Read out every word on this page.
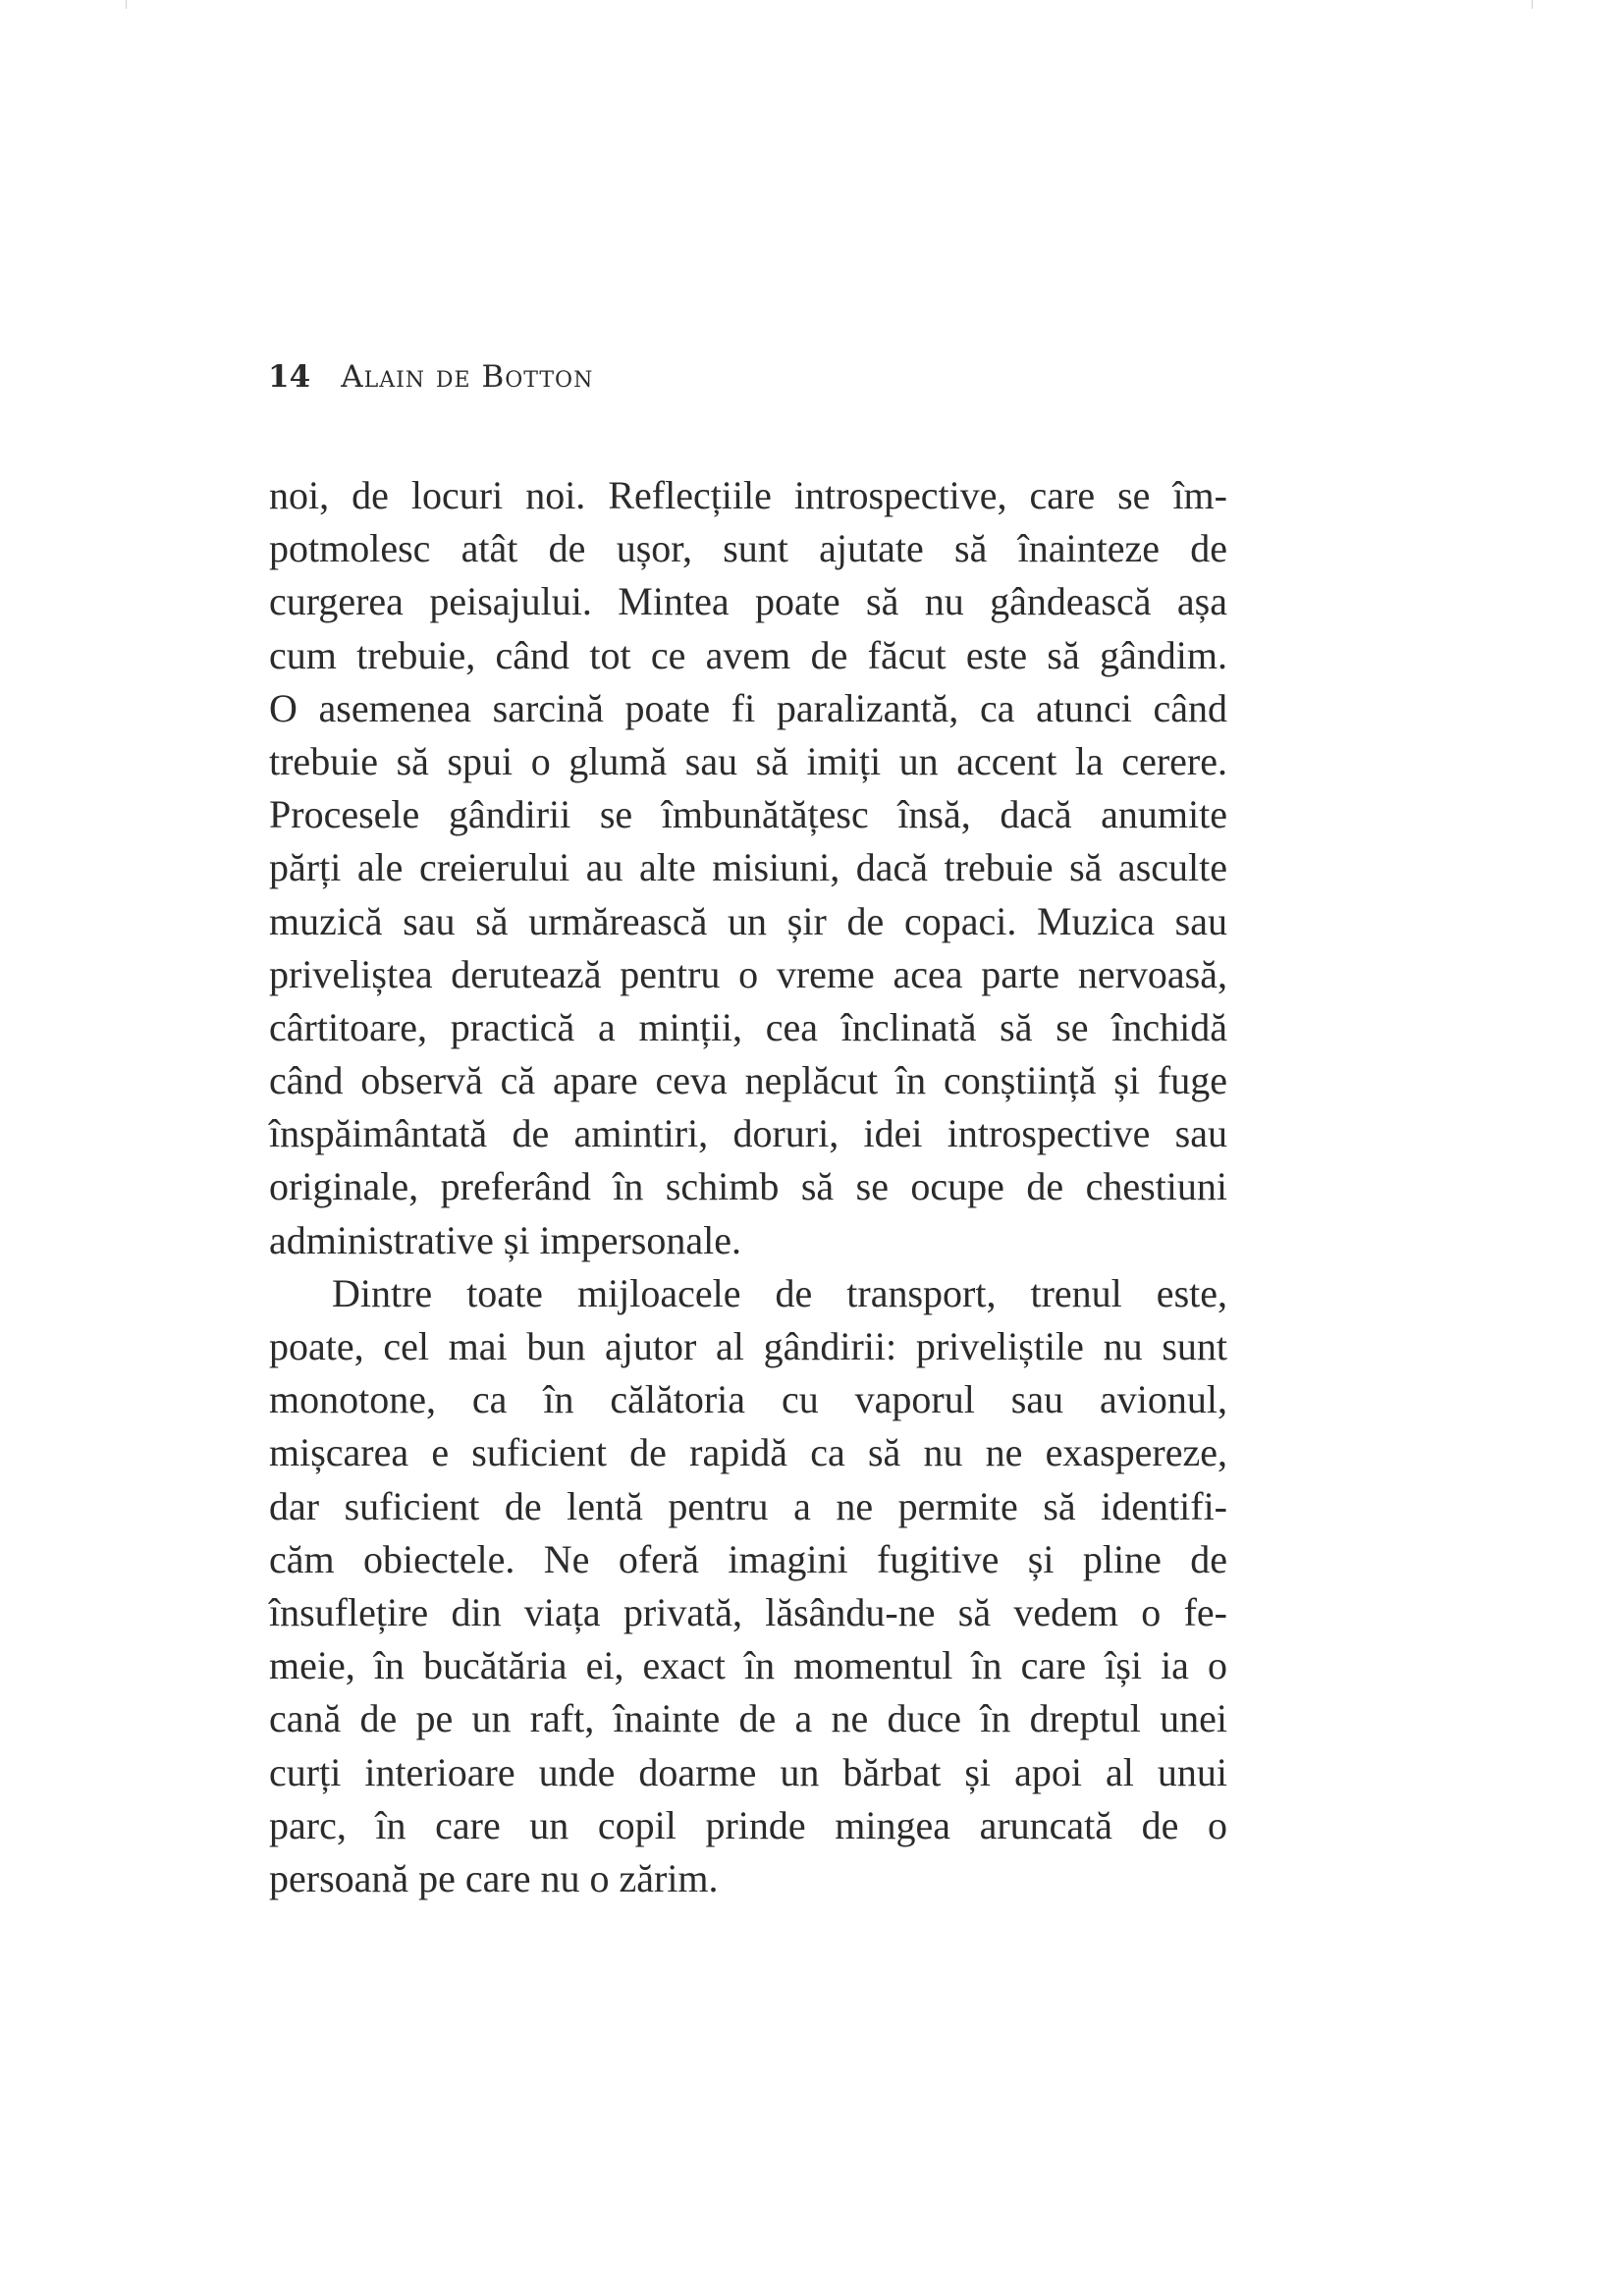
14 Alain de Botton
noi, de locuri noi. Reflecțiile introspective, care se îm-
potmolesc atât de ușor, sunt ajutate să înainteze de
curgerea peisajului. Mintea poate să nu gândească așa
cum trebuie, când tot ce avem de făcut este să gândim.
O asemenea sarcină poate fi paralizantă, ca atunci când
trebuie să spui o glumă sau să imiți un accent la cerere.
Procesele gândirii se îmbunătățesc însă, dacă anumite
părți ale creierului au alte misiuni, dacă trebuie să asculte
muzică sau să urmărească un șir de copaci. Muzica sau
priveliștea derutează pentru o vreme acea parte nervoasă,
cârtitoare, practică a minții, cea înclinată să se închidă
când observă că apare ceva neplăcut în conștiință și fuge
înspăimântată de amintiri, doruri, idei introspective sau
originale, preferând în schimb să se ocupe de chestiuni
administrative și impersonale.
Dintre toate mijloacele de transport, trenul este,
poate, cel mai bun ajutor al gândirii: priveliștile nu sunt
monotone, ca în călătoria cu vaporul sau avionul,
mișcarea e suficient de rapidă ca să nu ne exaspereze,
dar suficient de lentă pentru a ne permite să identifi-
căm obiectele. Ne oferă imagini fugitive și pline de
însuflețire din viața privată, lăsându-ne să vedem o fe-
meie, în bucătăria ei, exact în momentul în care își ia o
cană de pe un raft, înainte de a ne duce în dreptul unei
curți interioare unde doarme un bărbat și apoi al unui
parc, în care un copil prinde mingea aruncată de o
persoană pe care nu o zărim.
